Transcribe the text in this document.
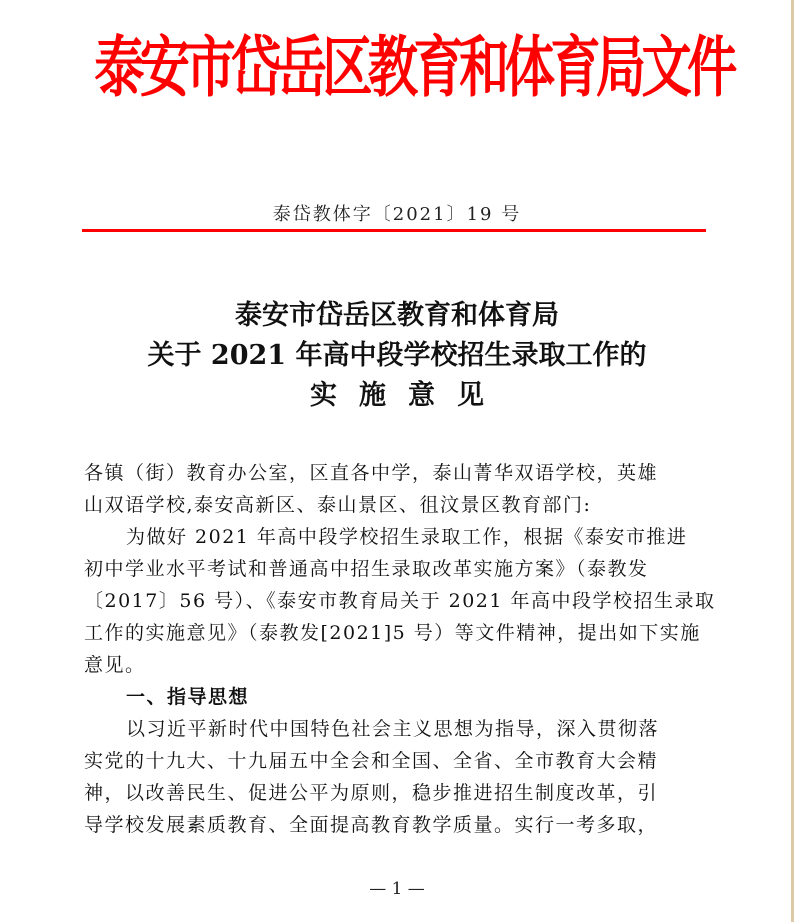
泰安市岱岳区教育和体育局文件
泰岱教体字〔2021〕19 号
泰安市岱岳区教育和体育局
关于 2021 年高中段学校招生录取工作的
实施意见
各镇（街）教育办公室，区直各中学，泰山菁华双语学校，英雄
山双语学校,泰安高新区、泰山景区、徂汶景区教育部门:
为做好 2021 年高中段学校招生录取工作，根据《泰安市推进
初中学业水平考试和普通高中招生录取改革实施方案》（泰教发
〔2017〕56 号）、《泰安市教育局关于 2021 年高中段学校招生录取
工作的实施意见》（泰教发[2021]5 号）等文件精神，提出如下实施
意见。
一、指导思想
以习近平新时代中国特色社会主义思想为指导，深入贯彻落
实党的十九大、十九届五中全会和全国、全省、全市教育大会精
神，以改善民生、促进公平为原则，稳步推进招生制度改革，引
导学校发展素质教育、全面提高教育教学质量。实行一考多取，
— 1 —
